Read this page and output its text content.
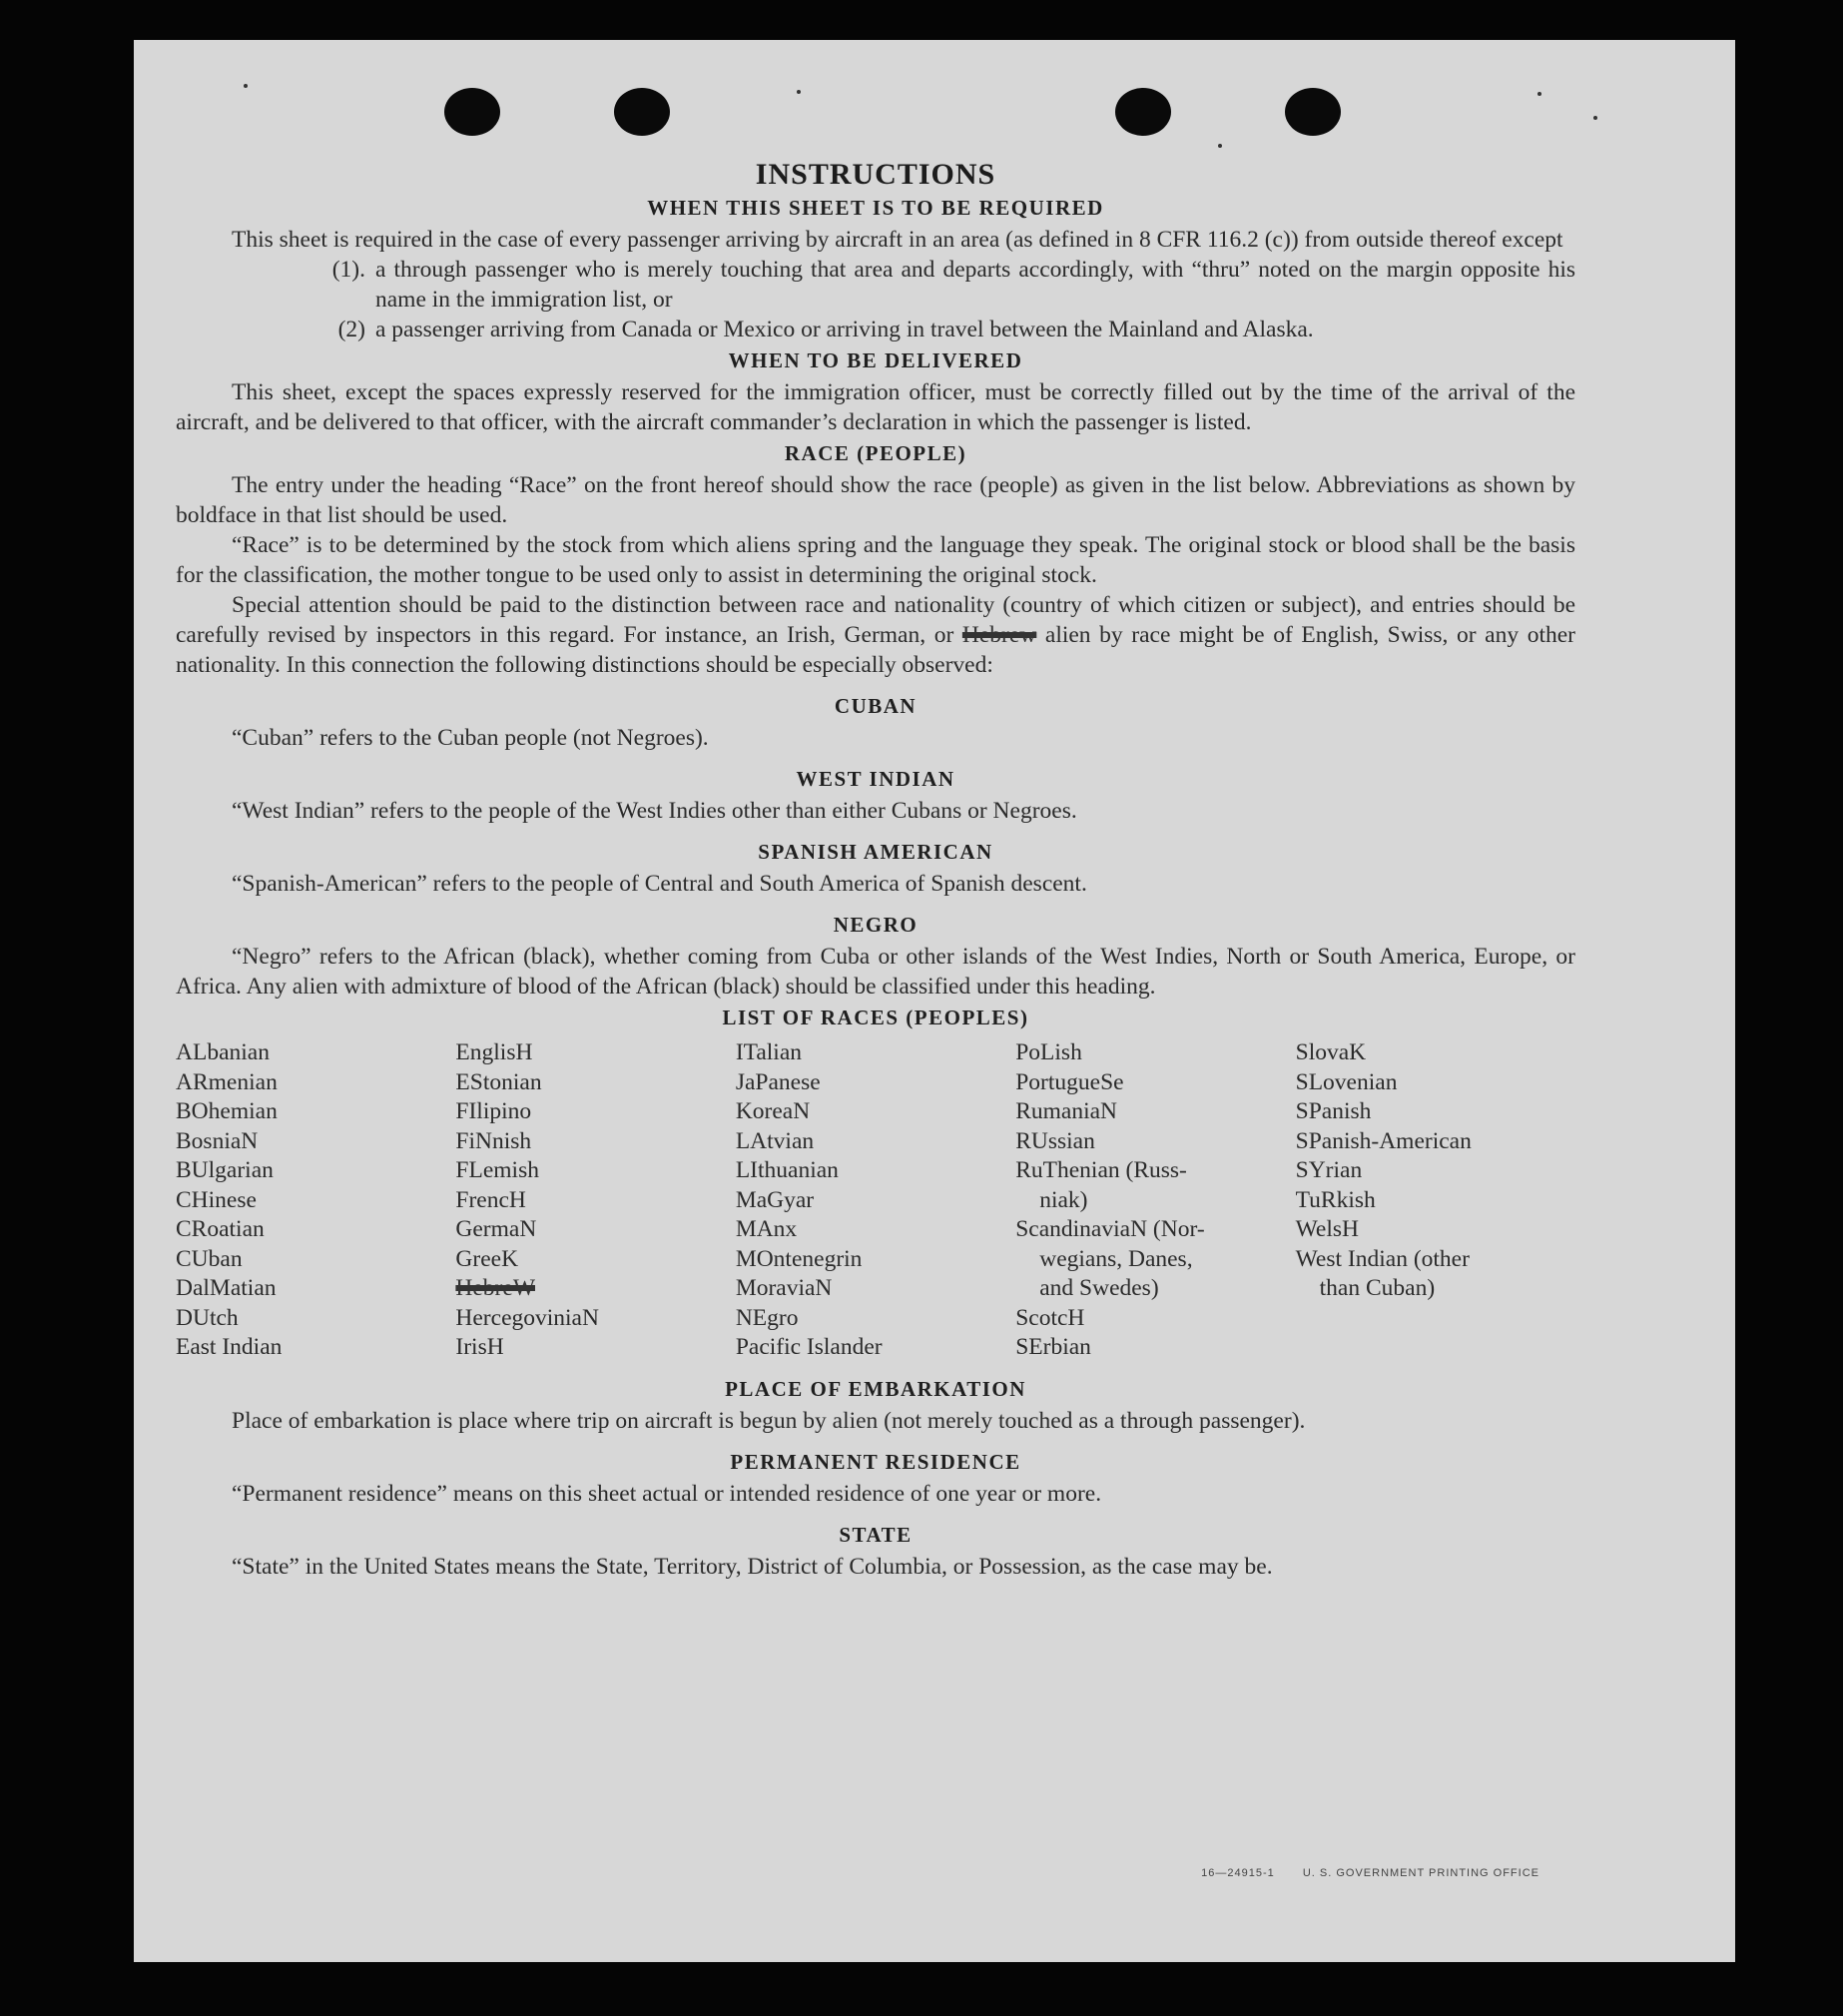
INSTRUCTIONS
WHEN THIS SHEET IS TO BE REQUIRED

This sheet is required in the case of every passenger arriving by aircraft in an area (as defined in 8 CFR 116.2 (c)) from outside thereof except

(1). a through passenger who is merely touching that area and departs accordingly, with “thru” noted on the margin opposite his name in the immigration list, or
(2) a passenger arriving from Canada or Mexico or arriving in travel between the Mainland and Alaska.
WHEN TO BE DELIVERED

This sheet, except the spaces expressly reserved for the immigration officer, must be correctly filled out by the time of the arrival of the aircraft, and be delivered to that officer, with the aircraft commander’s declaration in which the passenger is listed.

RACE (PEOPLE)

The entry under the heading “Race” on the front hereof should show the race (people) as given in the list below. Abbreviations as shown by boldface in that list should be used.

“Race” is to be determined by the stock from which aliens spring and the language they speak. The original stock or blood shall be the basis for the classification, the mother tongue to be used only to assist in determining the original stock.

Special attention should be paid to the distinction between race and nationality (country of which citizen or subject), and entries should be carefully revised by inspectors in this regard. For instance, an Irish, German, or Hebrew alien by race might be of English, Swiss, or any other nationality. In this connection the following distinctions should be especially observed:

CUBAN

“Cuban” refers to the Cuban people (not Negroes).

WEST INDIAN

“West Indian” refers to the people of the West Indies other than either Cubans or Negroes.

SPANISH AMERICAN

“Spanish-American” refers to the people of Central and South America of Spanish descent.

NEGRO

“Negro” refers to the African (black), whether coming from Cuba or other islands of the West Indies, North or South America, Europe, or Africa. Any alien with admixture of blood of the African (black) should be classified under this heading.

LIST OF RACES (PEOPLES)
ALbanian
ARmenian
BOhemian
BosniaN
BUlgarian
CHinese
CRoatian
CUban
DalMatian
DUtch
East Indian
EnglisH
EStonian
FIlipino
FiNnish
FLemish
FrencH
GermaN
GreeK
HebreW
HercegoviniaN
IrisH
ITalian
JaPanese
KoreaN
LAtvian
LIthuanian
MaGyar
MAnx
MOntenegrin
MoraviaN
NEgro
Pacific Islander
PoLish
PortugueSe
RumaniaN
RUssian
RuThenian (Russ-
niak)
ScandinaviaN (Nor-
wegians, Danes,
and Swedes)
ScotcH
SErbian
SlovaK
SLovenian
SPanish
SPanish-American
SYrian
TuRkish
WelsH
West Indian (other
than Cuban)
PLACE OF EMBARKATION

Place of embarkation is place where trip on aircraft is begun by alien (not merely touched as a through passenger).

PERMANENT RESIDENCE

“Permanent residence” means on this sheet actual or intended residence of one year or more.

STATE

“State” in the United States means the State, Territory, District of Columbia, or Possession, as the case may be.

16—24915-1	U. S. GOVERNMENT PRINTING OFFICE
